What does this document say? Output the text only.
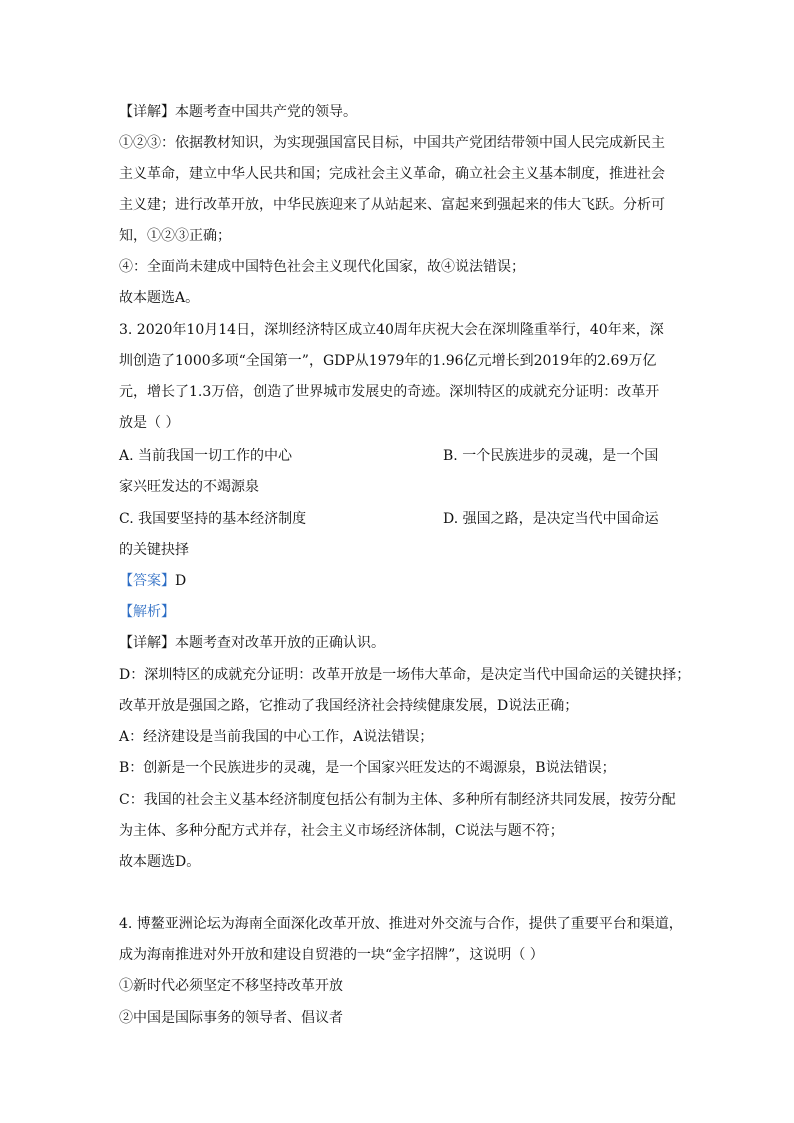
【详解】本题考查中国共产党的领导。
①②③：依据教材知识，为实现强国富民目标，中国共产党团结带领中国人民完成新民主
主义革命，建立中华人民共和国；完成社会主义革命，确立社会主义基本制度，推进社会
主义建；进行改革开放，中华民族迎来了从站起来、富起来到强起来的伟大飞跃。分析可
知，①②③正确；
④：全面尚未建成中国特色社会主义现代化国家，故④说法错误；
故本题选A。
3. 2020年10月14日，深圳经济特区成立40周年庆祝大会在深圳隆重举行，40年来，深
圳创造了1000多项“全国第一”，GDP从1979年的1.96亿元增长到2019年的2.69万亿
元，增长了1.3万倍，创造了世界城市发展史的奇迹。深圳特区的成就充分证明：改革开
放是（ ）
A. 当前我国一切工作的中心	B. 一个民族进步的灵魂，是一个国
家兴旺发达的不竭源泉
C. 我国要坚持的基本经济制度	D. 强国之路，是决定当代中国命运
的关键抉择
【答案】D
【解析】
【详解】本题考查对改革开放的正确认识。
D：深圳特区的成就充分证明：改革开放是一场伟大革命，是决定当代中国命运的关键抉择；
改革开放是强国之路，它推动了我国经济社会持续健康发展，D说法正确；
A：经济建设是当前我国的中心工作，A说法错误；
B：创新是一个民族进步的灵魂，是一个国家兴旺发达的不竭源泉，B说法错误；
C：我国的社会主义基本经济制度包括公有制为主体、多种所有制经济共同发展，按劳分配
为主体、多种分配方式并存，社会主义市场经济体制，C说法与题不符；
故本题选D。
4. 博鳌亚洲论坛为海南全面深化改革开放、推进对外交流与合作，提供了重要平台和渠道，
成为海南推进对外开放和建设自贸港的一块“金字招牌”，这说明（ ）
①新时代必须坚定不移坚持改革开放
②中国是国际事务的领导者、倡议者
